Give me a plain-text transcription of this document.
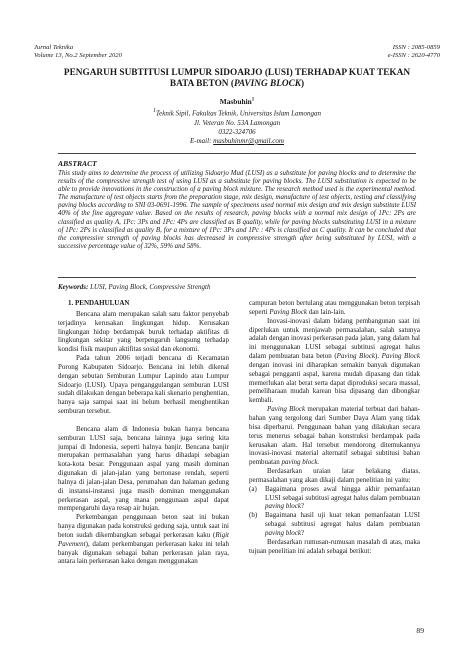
Jurnal Teknika
Volume 13, No.2 September 2020
ISSN : 2085-0859
e-ISSN : 2620-4770
PENGARUH SUBTITUSI LUMPUR SIDOARJO (LUSI) TERHADAP KUAT TEKAN
BATA BETON (PAVING BLOCK)
Masbuhin$^1$
$^1$Teknik Sipil, Fakultas Teknik, Universitas Islam Lamongan
Jl. Veteran No. 53A Lamongan
0322-324706
E-mail: masbuhinmr@gmail.com
ABSTRACT
This study aims to determine the process of utilizing Sidoarjo Mud (LUSI) as a substitute for paving blocks and to determine the results of the compressive strength test of using LUSI as a substitute for paving blocks. The LUSI substitution is expected to be able to provide innovations in the construction of a paving block mixture. The research method used is the experimental method. The manufacture of test objects starts from the preparation stage, mix design, manufacture of test objects, testing and classifying paving blocks according to SNI 03-0691-1996. The sample of specimens used normal mix design and mix design substitute LUSI 40% of the fine aggregate value. Based on the results of research, paving blocks with a normal mix design of 1Pc: 2Ps are classified as quality A, 1Pc: 3Ps and 1Pc: 4Ps are classified as B quality, while for paving blocks substituting LUSI in a mixture of 1Pc: 2Ps is classified as quality B, for a mixture of 1Pc: 3Ps and 1Pc : 4Ps is classified as C quality. It can be concluded that the compressive strength of paving blocks has decreased in compressive strength after being substituted by LUSI, with a successive percentage value of 32%, 59% and 58%.
Keywords: LUSI, Paving Block, Compressive Strength

1. PENDAHULUAN

Bencana alam merupakan salah satu faktor penyebab terjadinya kerusakan lingkungan hidup. Kerusakan lingkungan hidup berdampak buruk terhadap aktifitas di lingkungan sekitar yang berpengaruh langsung terhadap kondisi fisik maupun aktifitas sosial dan ekonomi.

Pada tahun 2006 terjadi bencana di Kecamatan Porong Kabupaten Sidoarjo. Bencana ini lebih dikenal dengan sebutan Semburan Lumpur Lapindo atau Lumpur Sidoarjo (LUSI). Upaya penganggulangan semburan LUSI sudah dilakukan dengan beberapa kali skenario penghentian, hanya saja sampai saat ini belum berhasil menghentikan semburan tersebut.

Bencana alam di Indonesia bukan hanya bencana semburan LUSI saja, bencana lainnya juga sering kita jumpai di Indonesia, seperti halnya banjir. Bencana banjir merupakan permasalahan yang harus dihadapi sebagian kota-kota besar. Penggunaan aspal yang masih dominan digunakan di jalan-jalan yang bertonase rendah, seperti halnya di jalan-jalan Desa, perumahan dan halaman gedung di instansi-instansi juga masih dominan menggunakan perkerasan aspal, yang mana penggunaan aspal dapat mempengaruhi daya resap air hujan.

Perkembangan penggunaan beton saat ini bukan hanya digunakan pada konstruksi gedung saja, untuk saat ini beton sudah dikembangkan sebagai perkerasan kaku (Rigit Pavement), dalam perkembangan perkerasan kaku ini telah banyak digunakan sebagai bahan perkerasan jalan raya, antara lain perkerasan kaku dengan menggunakan

campuran beton bertulang atau menggunakan beton terpisah seperti Paving Block dan lain-lain.

Inovasi-inovasi dalam bidang pembangunan saat ini diperlukan untuk menjawab permasalahan, salah satunya adalah dengan inovasi perkerasan pada jalan, yang dalam hal ini menggunakan LUSI sebagai subtitusi agregat halus dalam pembuatan bata beton (Paving Block). Paving Block dengan inovasi ini diharapkan semakin banyak digunakan sebagai pengganti aspal, karena mudah dipasang dan tidak memerlukan alat berat serta dapat diproduksi secara massal, pemeliharaan mudah karean bisa dipasang dan dibongkar kembali.

Paving Block merupakan material terbuat dari bahan-bahan yang tergolong dari Sumber Daya Alam yang tidak bisa diperbarui. Penggunaan bahan yang dilakukan secara terus menerus sebagai bahan konstruksi berdampak pada kerusakan alam. Hal tersebut mendorong ditemukannya inovasi-inovasi material alternatif sebagai subtitusi bahan pembuatan paving block.

Berdasarkan uraian latar belakang diatas, permasalahan yang akan dikaji dalam penelitian ini yaitu:

(a)	Bagaimana proses awal hingga akhir pemanfaatan LUSI sebagai subtitusi agregat halus dalam pembuatan paving block?
(b)	Bagaimana hasil uji kuat tekan pemanfaatan LUSI sebagai subtitusi agregat halus dalam pembuatan paving block?

Berdasarkan rumusan-rumusan masalah di atas, maka tujuan penelitian ini adalah sebagai berikut:

89
